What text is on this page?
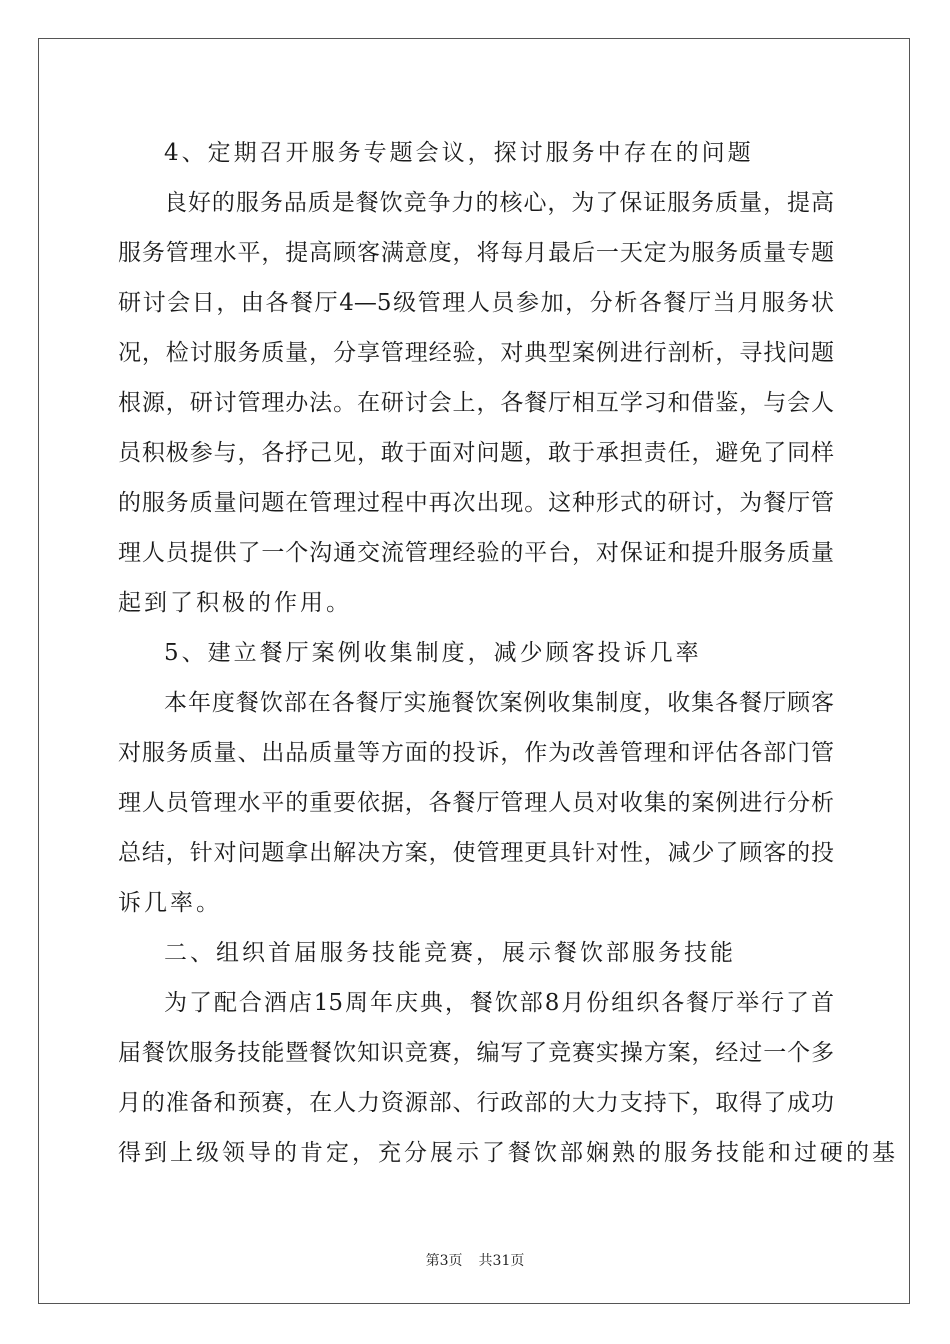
4、定期召开服务专题会议，探讨服务中存在的问题
良好的服务品质是餐饮竞争力的核心，为了保证服务质量，提高
服务管理水平，提高顾客满意度，将每月最后一天定为服务质量专题
研讨会日，由各餐厅4—5级管理人员参加，分析各餐厅当月服务状
况，检讨服务质量，分享管理经验，对典型案例进行剖析，寻找问题
根源，研讨管理办法。在研讨会上，各餐厅相互学习和借鉴，与会人
员积极参与，各抒己见，敢于面对问题，敢于承担责任，避免了同样
的服务质量问题在管理过程中再次出现。这种形式的研讨，为餐厅管
理人员提供了一个沟通交流管理经验的平台，对保证和提升服务质量
起到了积极的作用。
5、建立餐厅案例收集制度，减少顾客投诉几率
本年度餐饮部在各餐厅实施餐饮案例收集制度，收集各餐厅顾客
对服务质量、出品质量等方面的投诉，作为改善管理和评估各部门管
理人员管理水平的重要依据，各餐厅管理人员对收集的案例进行分析
总结，针对问题拿出解决方案，使管理更具针对性，减少了顾客的投
诉几率。
二、组织首届服务技能竞赛，展示餐饮部服务技能
为了配合酒店15周年庆典，餐饮部8月份组织各餐厅举行了首
届餐饮服务技能暨餐饮知识竞赛，编写了竞赛实操方案，经过一个多
月的准备和预赛，在人力资源部、行政部的大力支持下，取得了成功
得到上级领导的肯定，充分展示了餐饮部娴熟的服务技能和过硬的基
第3页 共31页
